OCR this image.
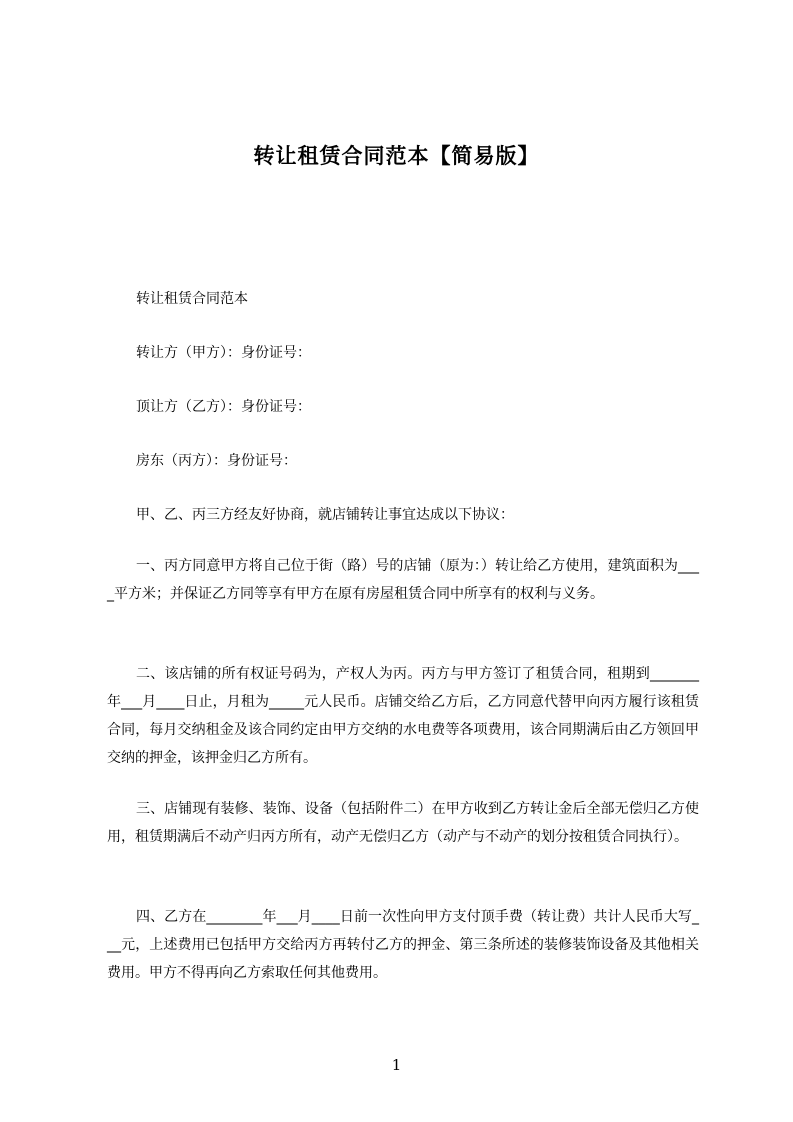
转让租赁合同范本【简易版】
转让租赁合同范本
转让方（甲方）：身份证号：
顶让方（乙方）：身份证号：
房东（丙方）：身份证号：
甲、乙、丙三方经友好协商，就店铺转让事宜达成以下协议：
一、丙方同意甲方将自己位于街（路）号的店铺（原为：）转让给乙方使用，建筑面积为____平方米；并保证乙方同等享有甲方在原有房屋租赁合同中所享有的权利与义务。
二、该店铺的所有权证号码为，产权人为丙。丙方与甲方签订了租赁合同，租期到_______年___月____日止，月租为_____元人民币。店铺交给乙方后，乙方同意代替甲向丙方履行该租赁合同，每月交纳租金及该合同约定由甲方交纳的水电费等各项费用，该合同期满后由乙方领回甲交纳的押金，该押金归乙方所有。
三、店铺现有装修、装饰、设备（包括附件二）在甲方收到乙方转让金后全部无偿归乙方使用，租赁期满后不动产归丙方所有，动产无偿归乙方（动产与不动产的划分按租赁合同执行）。
四、乙方在________年___月____日前一次性向甲方支付顶手费（转让费）共计人民币大写___元，上述费用已包括甲方交给丙方再转付乙方的押金、第三条所述的装修装饰设备及其他相关费用。甲方不得再向乙方索取任何其他费用。
1
